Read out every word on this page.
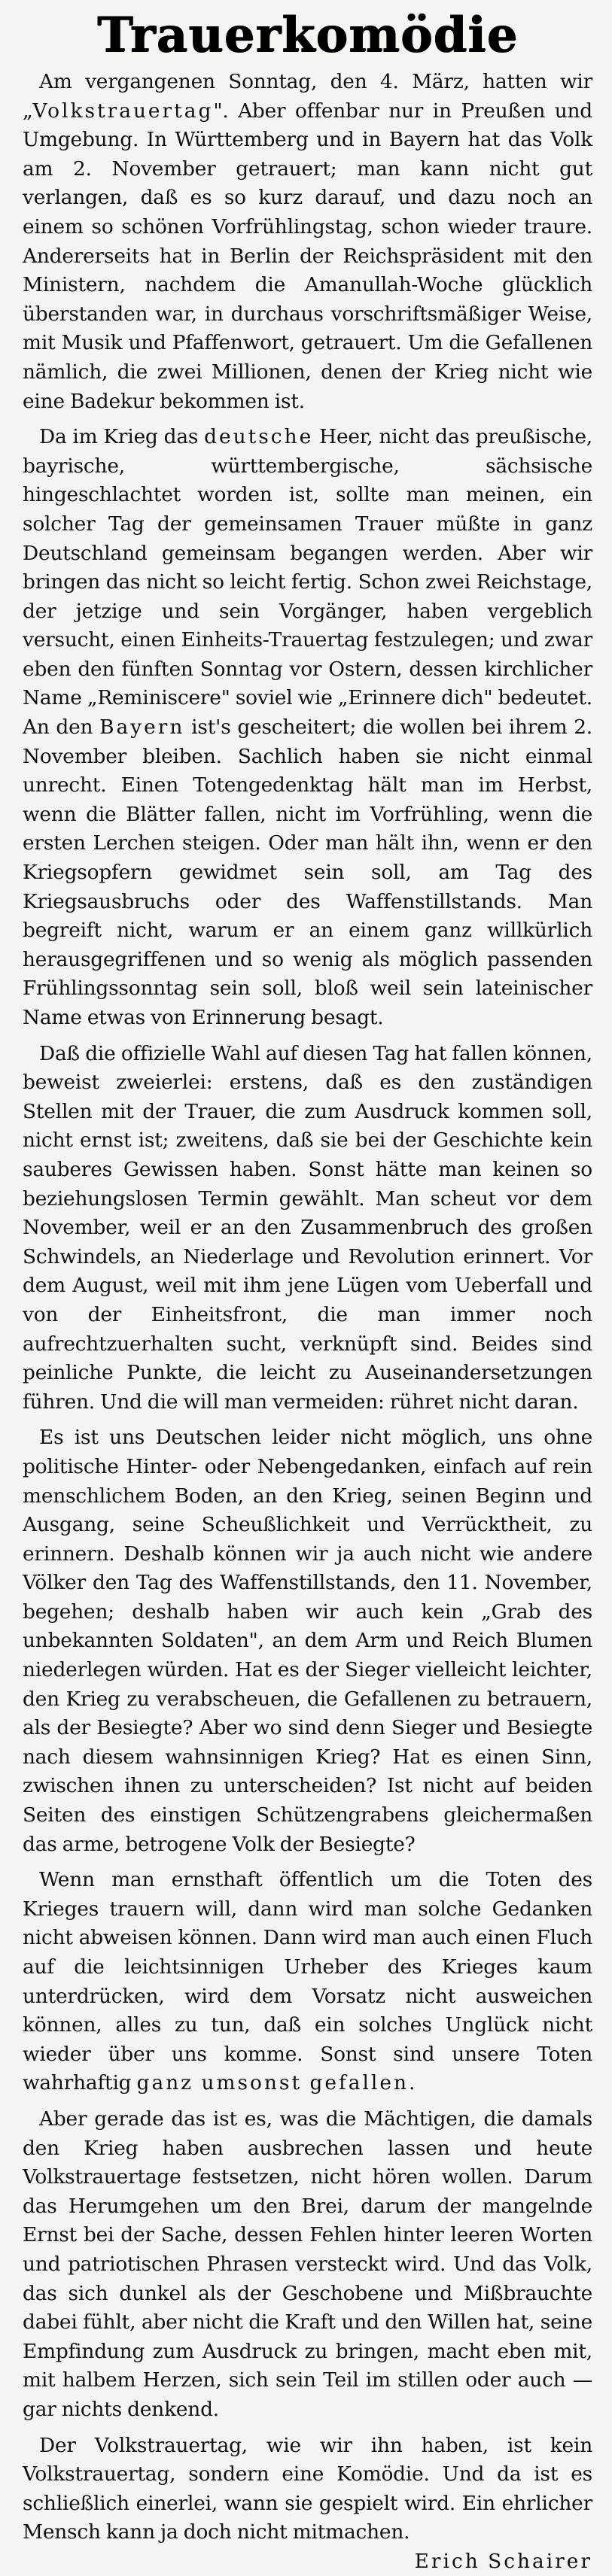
Trauerkomödie

Am vergangenen Sonntag, den 4. März, hatten wir „Volkstrauertag". Aber offenbar nur in Preußen und Umgebung. In Württemberg und in Bayern hat das Volk am 2. November getrauert; man kann nicht gut verlangen, daß es so kurz darauf, und dazu noch an einem so schönen Vorfrühlingstag, schon wieder traure. Andererseits hat in Berlin der Reichspräsident mit den Ministern, nachdem die Amanullah-Woche glücklich überstanden war, in durchaus vorschriftsmäßiger Weise, mit Musik und Pfaffenwort, getrauert. Um die Gefallenen nämlich, die zwei Millionen, denen der Krieg nicht wie eine Badekur bekommen ist.

Da im Krieg das deutsche Heer, nicht das preußische, bayrische, württembergische, sächsische hingeschlachtet worden ist, sollte man meinen, ein solcher Tag der gemeinsamen Trauer müßte in ganz Deutschland gemeinsam begangen werden. Aber wir bringen das nicht so leicht fertig. Schon zwei Reichstage, der jetzige und sein Vorgänger, haben vergeblich versucht, einen Einheits-Trauertag festzulegen; und zwar eben den fünften Sonntag vor Ostern, dessen kirchlicher Name „Reminiscere" soviel wie „Erinnere dich" bedeutet. An den Bayern ist's gescheitert; die wollen bei ihrem 2. November bleiben. Sachlich haben sie nicht einmal unrecht. Einen Totengedenktag hält man im Herbst, wenn die Blätter fallen, nicht im Vorfrühling, wenn die ersten Lerchen steigen. Oder man hält ihn, wenn er den Kriegsopfern gewidmet sein soll, am Tag des Kriegsausbruchs oder des Waffenstillstands. Man begreift nicht, warum er an einem ganz willkürlich herausgegriffenen und so wenig als möglich passenden Frühlingssonntag sein soll, bloß weil sein lateinischer Name etwas von Erinnerung besagt.

Daß die offizielle Wahl auf diesen Tag hat fallen können, beweist zweierlei: erstens, daß es den zuständigen Stellen mit der Trauer, die zum Ausdruck kommen soll, nicht ernst ist; zweitens, daß sie bei der Geschichte kein sauberes Gewissen haben. Sonst hätte man keinen so beziehungslosen Termin gewählt. Man scheut vor dem November, weil er an den Zusammenbruch des großen Schwindels, an Niederlage und Revolution erinnert. Vor dem August, weil mit ihm jene Lügen vom Ueberfall und von der Einheitsfront, die man immer noch aufrechtzuerhalten sucht, verknüpft sind. Beides sind peinliche Punkte, die leicht zu Auseinandersetzungen führen. Und die will man vermeiden: rühret nicht daran.

Es ist uns Deutschen leider nicht möglich, uns ohne politische Hinter- oder Nebengedanken, einfach auf rein menschlichem Boden, an den Krieg, seinen Beginn und Ausgang, seine Scheußlichkeit und Verrücktheit, zu erinnern. Deshalb können wir ja auch nicht wie andere Völker den Tag des Waffenstillstands, den 11. November, begehen; deshalb haben wir auch kein „Grab des unbekannten Soldaten", an dem Arm und Reich Blumen niederlegen würden. Hat es der Sieger vielleicht leichter, den Krieg zu verabscheuen, die Gefallenen zu betrauern, als der Besiegte? Aber wo sind denn Sieger und Besiegte nach diesem wahnsinnigen Krieg? Hat es einen Sinn, zwischen ihnen zu unterscheiden? Ist nicht auf beiden Seiten des einstigen Schützengrabens gleichermaßen das arme, betrogene Volk der Besiegte?

Wenn man ernsthaft öffentlich um die Toten des Krieges trauern will, dann wird man solche Gedanken nicht abweisen können. Dann wird man auch einen Fluch auf die leichtsinnigen Urheber des Krieges kaum unterdrücken, wird dem Vorsatz nicht ausweichen können, alles zu tun, daß ein solches Unglück nicht wieder über uns komme. Sonst sind unsere Toten wahrhaftig ganz umsonst gefallen.

Aber gerade das ist es, was die Mächtigen, die damals den Krieg haben ausbrechen lassen und heute Volkstrauertage festsetzen, nicht hören wollen. Darum das Herumgehen um den Brei, darum der mangelnde Ernst bei der Sache, dessen Fehlen hinter leeren Worten und patriotischen Phrasen versteckt wird. Und das Volk, das sich dunkel als der Geschobene und Mißbrauchte dabei fühlt, aber nicht die Kraft und den Willen hat, seine Empfindung zum Ausdruck zu bringen, macht eben mit, mit halbem Herzen, sich sein Teil im stillen oder auch — gar nichts denkend.

Der Volkstrauertag, wie wir ihn haben, ist kein Volkstrauertag, sondern eine Komödie. Und da ist es schließlich einerlei, wann sie gespielt wird. Ein ehrlicher Mensch kann ja doch nicht mitmachen.
Erich Schairer
